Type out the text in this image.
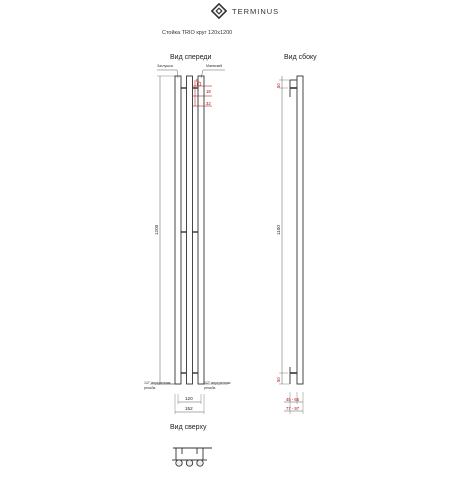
TERMINUS
Стойка TRIO круг 120x1200
Вид спереди	Вид сбоку
Вид сверху
Заглушка	Маевский
8
18
32
1200
1/2" внутренняя резьба
1/2" внутренняя резьба
120
152
1100
50
50
45 - 65
77 - 97
